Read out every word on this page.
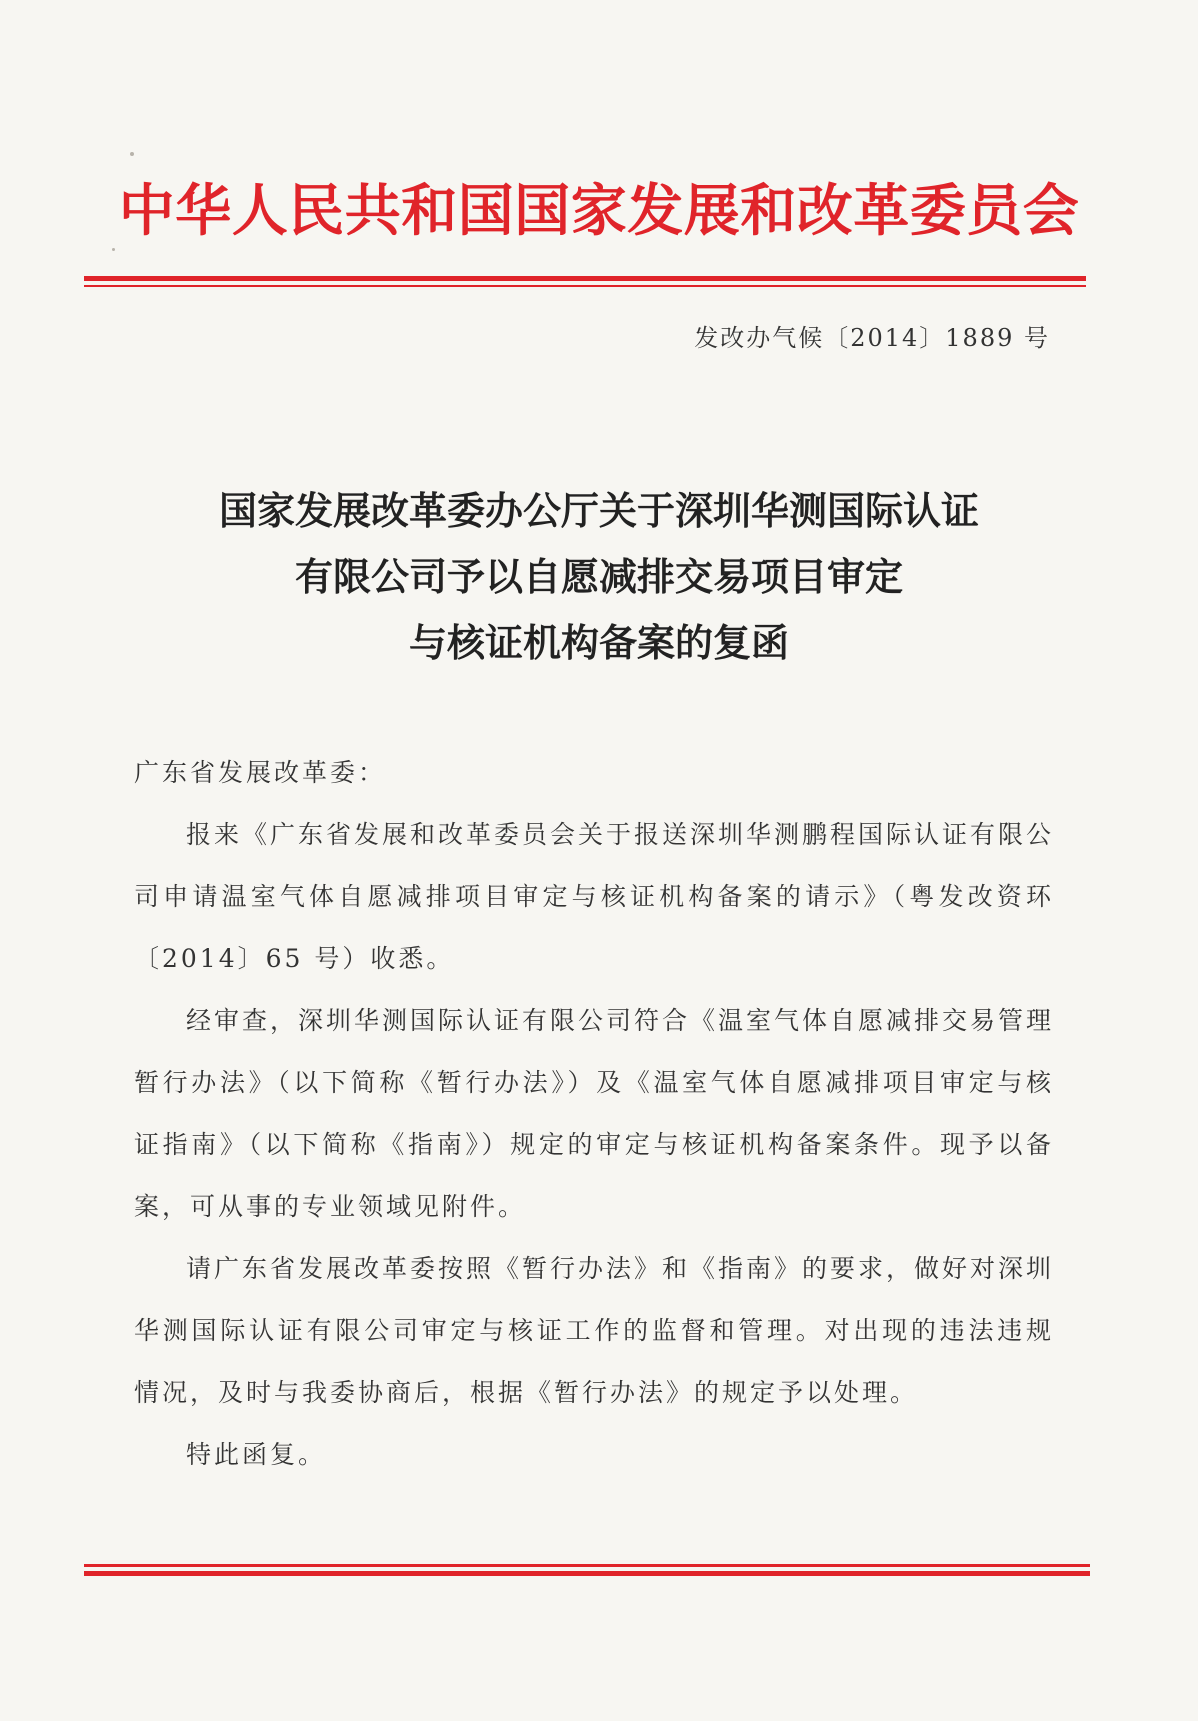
中华人民共和国国家发展和改革委员会
发改办气候〔2014〕1889 号
国家发展改革委办公厅关于深圳华测国际认证
有限公司予以自愿减排交易项目审定
与核证机构备案的复函

广东省发展改革委：

报来《广东省发展和改革委员会关于报送深圳华测鹏程国际认证有限公司申请温室气体自愿减排项目审定与核证机构备案的请示》（粤发改资环〔2014〕65 号）收悉。

经审查，深圳华测国际认证有限公司符合《温室气体自愿减排交易管理暂行办法》（以下简称《暂行办法》）及《温室气体自愿减排项目审定与核证指南》（以下简称《指南》）规定的审定与核证机构备案条件。现予以备案，可从事的专业领域见附件。

请广东省发展改革委按照《暂行办法》和《指南》的要求，做好对深圳华测国际认证有限公司审定与核证工作的监督和管理。对出现的违法违规情况，及时与我委协商后，根据《暂行办法》的规定予以处理。

特此函复。
